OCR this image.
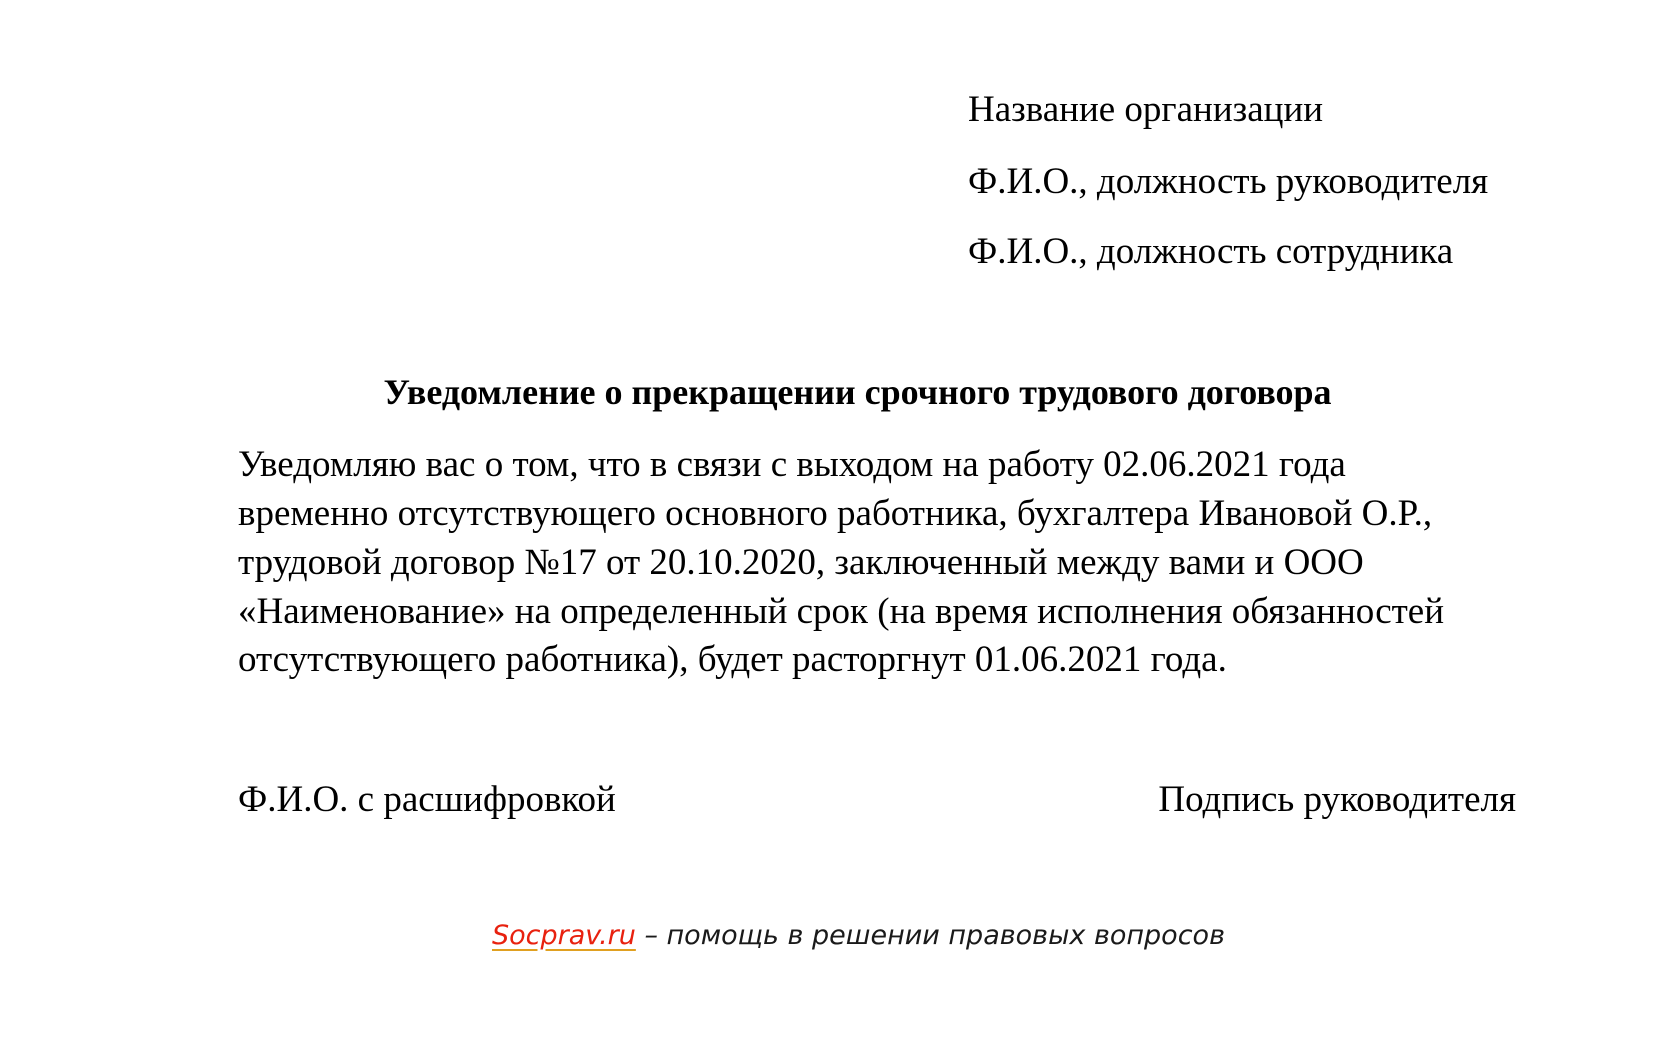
Название организации
Ф.И.О., должность руководителя
Ф.И.О., должность сотрудника
Уведомление о прекращении срочного трудового договора
Уведомляю вас о том, что в связи с выходом на работу 02.06.2021 года
временно отсутствующего основного работника, бухгалтера Ивановой О.Р.,
трудовой договор №17 от 20.10.2020, заключенный между вами и ООО
«Наименование» на определенный срок (на время исполнения обязанностей
отсутствующего работника), будет расторгнут 01.06.2021 года.
Ф.И.О. с расшифровкой	Подпись руководителя
Socprav.ru – помощь в решении правовых вопросов
